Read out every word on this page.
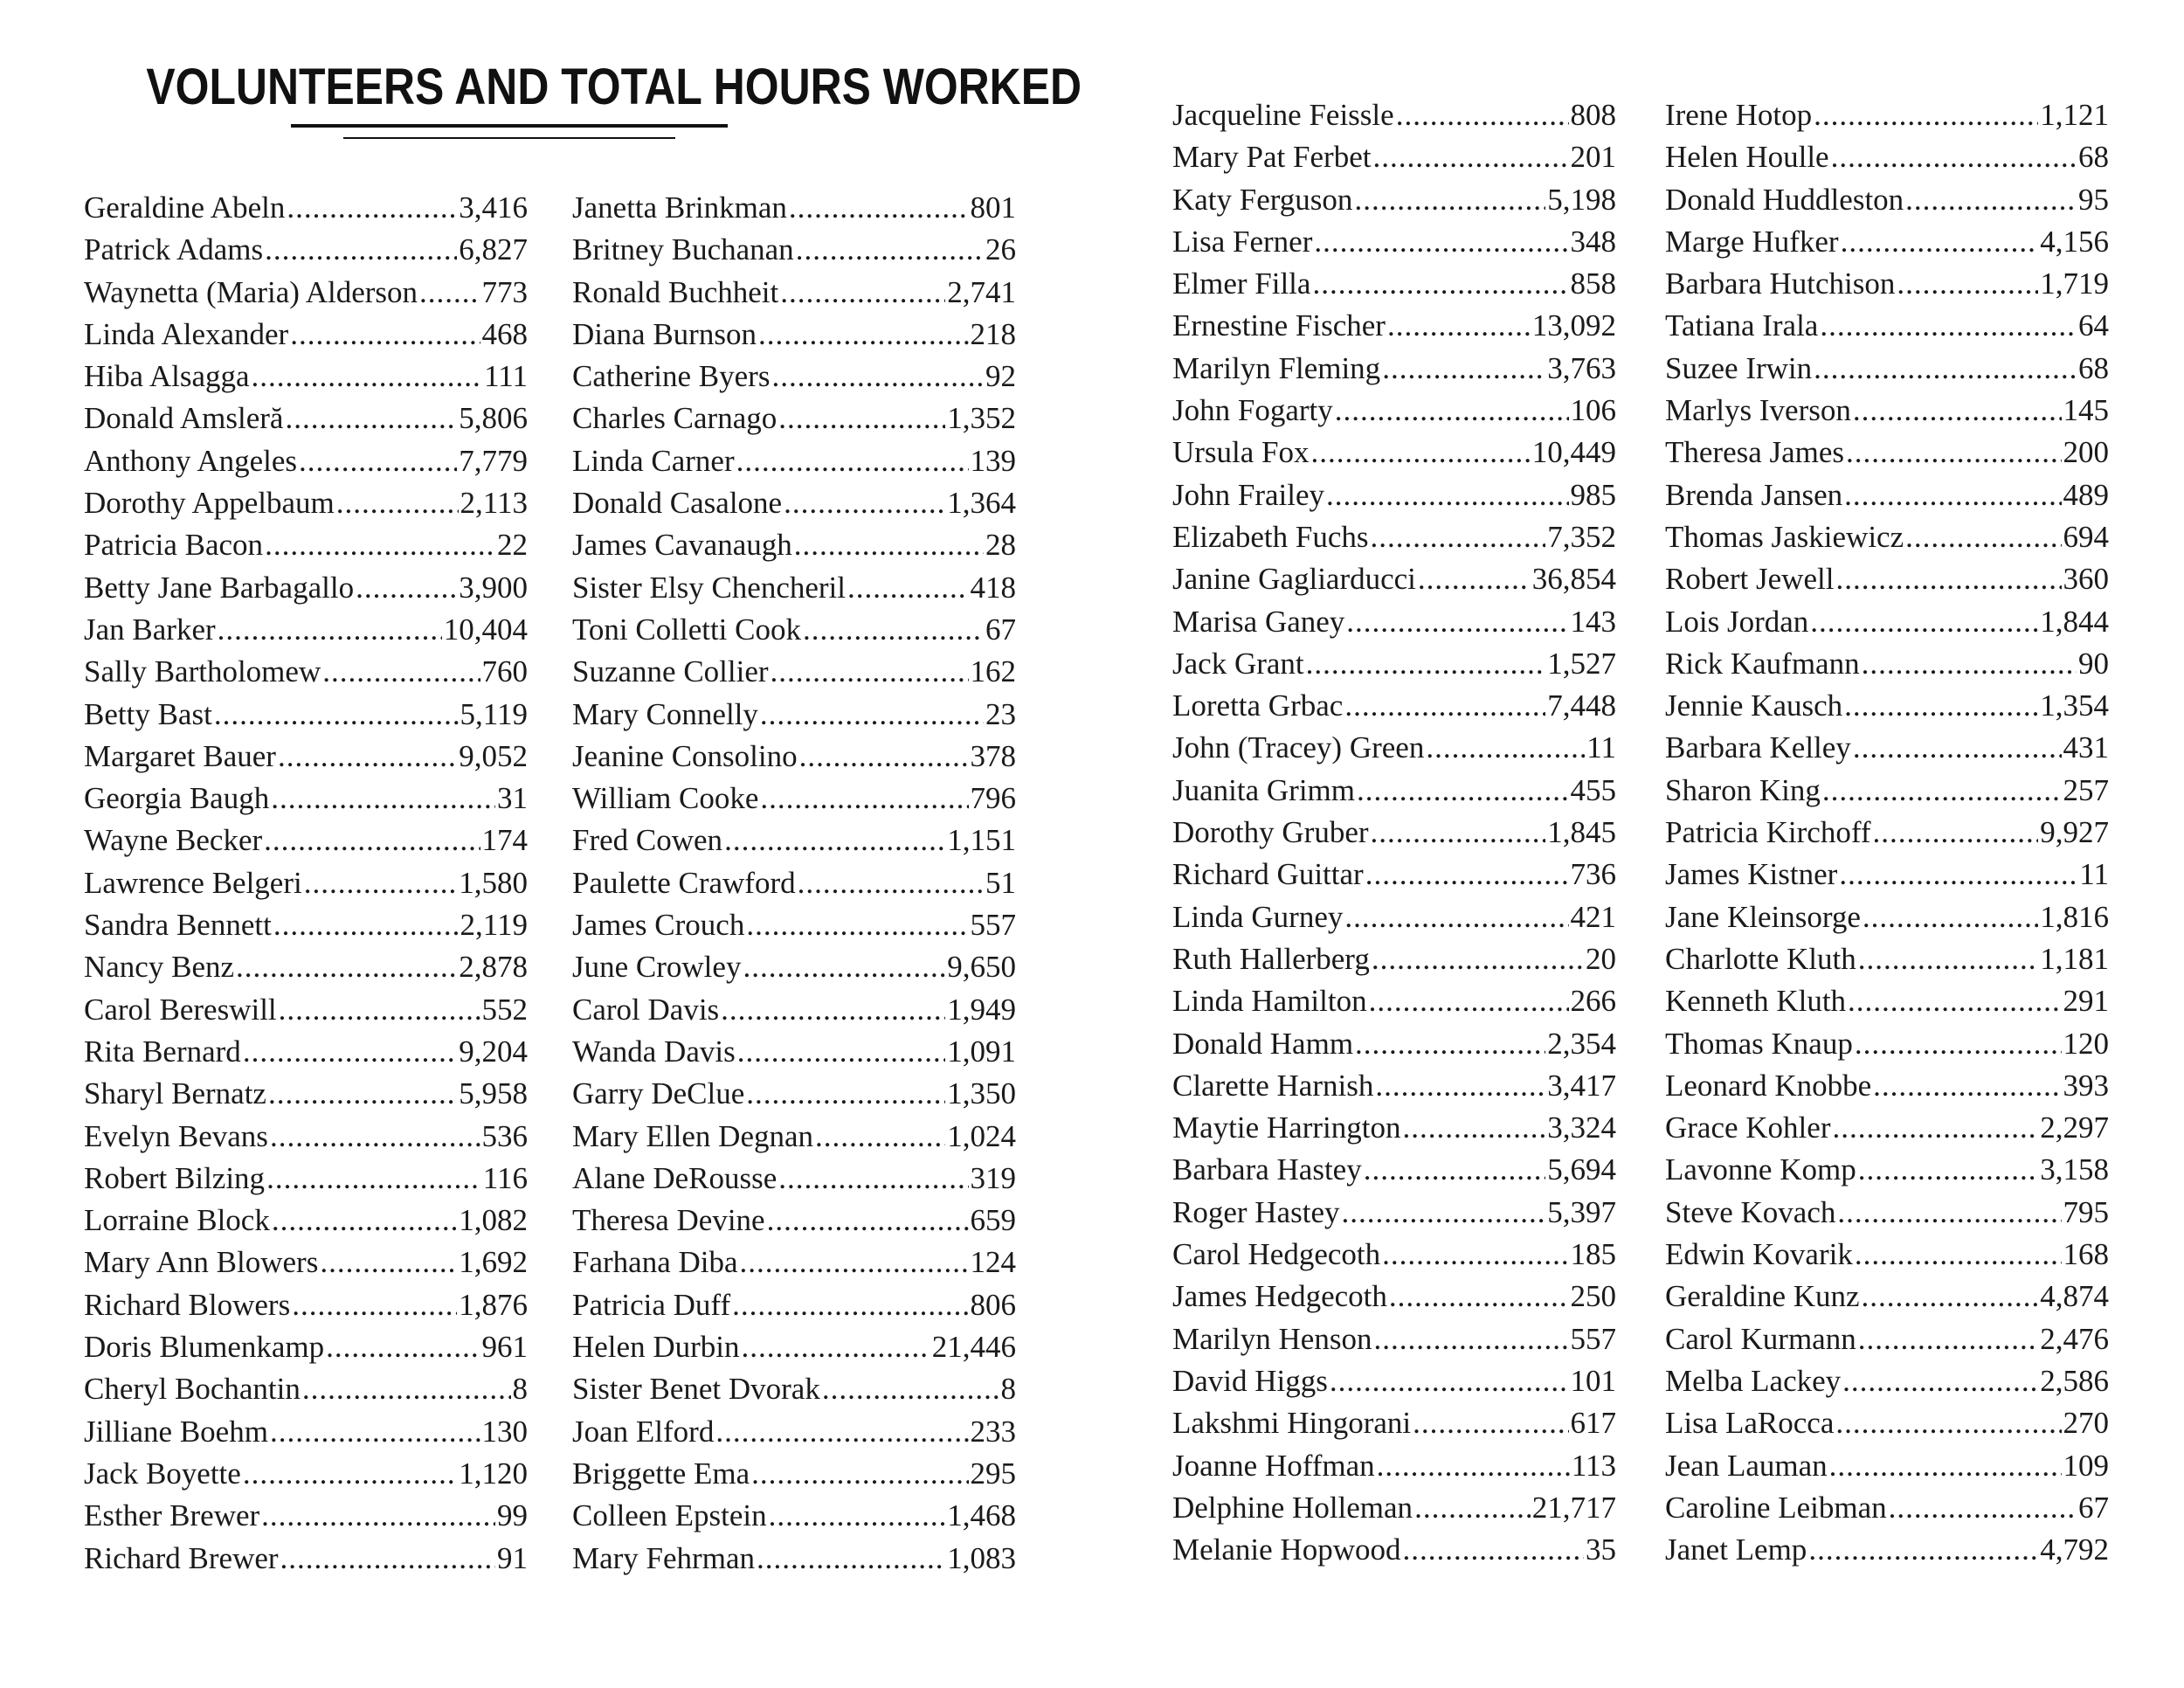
VOLUNTEERS AND TOTAL HOURS WORKED
Geraldine Abeln .....	3,416
Patrick Adams .....	6,827
Waynetta (Maria) Alderson ..... 773
Linda Alexander .....	468
Hiba Alsagga .....	111
Donald Amsleră .....	5,806
Anthony Angeles .....	7,779
Dorothy Appelbaum .....	2,113
Patricia Bacon .....	22
Betty Jane Barbagallo .....	3,900
Jan Barker .....	10,404
Sally Bartholomew .....	760
Betty Bast .....	5,119
Margaret Bauer .....	9,052
Georgia Baugh .....	31
Wayne Becker .....	174
Lawrence Belgeri .....	1,580
Sandra Bennett .....	2,119
Nancy Benz .....	2,878
Carol Bereswill .....	552
Rita Bernard .....	9,204
Sharyl Bernatz .....	5,958
Evelyn Bevans .....	536
Robert Bilzing .....	116
Lorraine Block .....	1,082
Mary Ann Blowers .....	1,692
Richard Blowers .....	1,876
Doris Blumenkamp .....	961
Cheryl Bochantin .....	8
Jilliane Boehm .....	130
Jack Boyette .....	1,120
Esther Brewer .....	99
Richard Brewer .....	91
Janetta Brinkman .....	801
Britney Buchanan .....	26
Ronald Buchheit .....	2,741
Diana Burnson .....	218
Catherine Byers .....	92
Charles Carnago .....	1,352
Linda Carner .....	139
Donald Casalone .....	1,364
James Cavanaugh .....	28
Sister Elsy Chencheril .....	418
Toni Colletti Cook .....	67
Suzanne Collier .....	162
Mary Connelly .....	23
Jeanine Consolino .....	378
William Cooke .....	796
Fred Cowen .....	1,151
Paulette Crawford .....	51
James Crouch .....	557
June Crowley .....	9,650
Carol Davis .....	1,949
Wanda Davis .....	1,091
Garry DeClue .....	1,350
Mary Ellen Degnan .....	1,024
Alane DeRousse .....	319
Theresa Devine .....	659
Farhana Diba .....	124
Patricia Duff .....	806
Helen Durbin .....	21,446
Sister Benet Dvorak .....	8
Joan Elford .....	233
Briggette Ema .....	295
Colleen Epstein .....	1,468
Mary Fehrman .....	1,083
Jacqueline Feissle .....	808
Mary Pat Ferbet .....	201
Katy Ferguson .....	5,198
Lisa Ferner .....	348
Elmer Filla .....	858
Ernestine Fischer .....	13,092
Marilyn Fleming .....	3,763
John Fogarty .....	106
Ursula Fox .....	10,449
John Frailey .....	985
Elizabeth Fuchs .....	7,352
Janine Gagliarducci .....	36,854
Marisa Ganey .....	143
Jack Grant .....	1,527
Loretta Grbac .....	7,448
John (Tracey) Green .....	11
Juanita Grimm .....	455
Dorothy Gruber .....	1,845
Richard Guittar .....	736
Linda Gurney .....	421
Ruth Hallerberg .....	20
Linda Hamilton .....	266
Donald Hamm .....	2,354
Clarette Harnish .....	3,417
Maytie Harrington .....	3,324
Barbara Hastey .....	5,694
Roger Hastey .....	5,397
Carol Hedgecoth .....	185
James Hedgecoth .....	250
Marilyn Henson .....	557
David Higgs .....	101
Lakshmi Hingorani .....	617
Joanne Hoffman .....	113
Delphine Holleman .....	21,717
Melanie Hopwood .....	35
Irene Hotop .....	1,121
Helen Houlle .....	68
Donald Huddleston .....	95
Marge Hufker .....	4,156
Barbara Hutchison .....	1,719
Tatiana Irala .....	64
Suzee Irwin .....	68
Marlys Iverson .....	145
Theresa James .....	200
Brenda Jansen .....	489
Thomas Jaskiewicz .....	694
Robert Jewell .....	360
Lois Jordan .....	1,844
Rick Kaufmann .....	90
Jennie Kausch .....	1,354
Barbara Kelley .....	431
Sharon King .....	257
Patricia Kirchoff .....	9,927
James Kistner .....	11
Jane Kleinsorge .....	1,816
Charlotte Kluth .....	1,181
Kenneth Kluth .....	291
Thomas Knaup .....	120
Leonard Knobbe .....	393
Grace Kohler .....	2,297
Lavonne Komp .....	3,158
Steve Kovach .....	795
Edwin Kovarik .....	168
Geraldine Kunz .....	4,874
Carol Kurmann .....	2,476
Melba Lackey .....	2,586
Lisa LaRocca .....	270
Jean Lauman .....	109
Caroline Leibman .....	67
Janet Lemp .....	4,792
